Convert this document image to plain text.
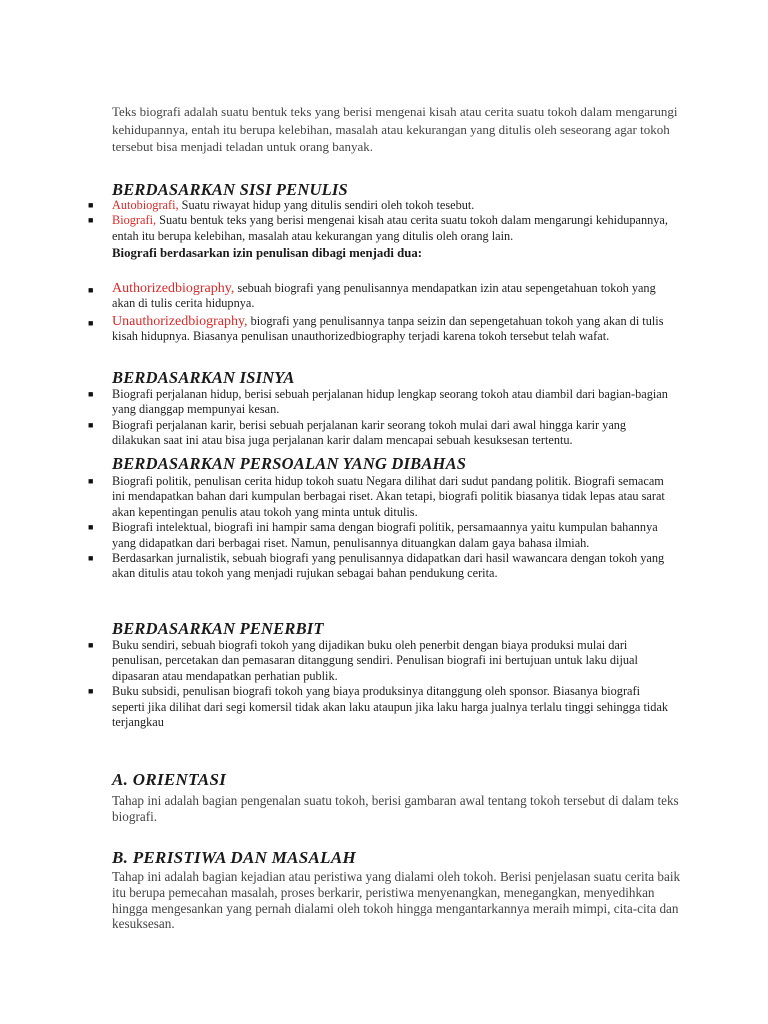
Teks biografi adalah suatu bentuk teks yang berisi mengenai kisah atau cerita suatu tokoh dalam mengarungi kehidupannya, entah itu berupa kelebihan, masalah atau kekurangan yang ditulis oleh seseorang agar tokoh tersebut bisa menjadi teladan untuk orang banyak.
BERDASARKAN SISI PENULIS
■ Autobiografi, Suatu riwayat hidup yang ditulis sendiri oleh tokoh tesebut.
■ Biografi, Suatu bentuk teks yang berisi mengenai kisah atau cerita suatu tokoh dalam mengarungi kehidupannya, entah itu berupa kelebihan, masalah atau kekurangan yang ditulis oleh orang lain.
Biografi berdasarkan izin penulisan dibagi menjadi dua:
■ Authorizedbiography, sebuah biografi yang penulisannya mendapatkan izin atau sepengetahuan tokoh yang akan di tulis cerita hidupnya.
■ Unauthorizedbiography, biografi yang penulisannya tanpa seizin dan sepengetahuan tokoh yang akan di tulis kisah hidupnya. Biasanya penulisan unauthorizedbiography terjadi karena tokoh tersebut telah wafat.
BERDASARKAN ISINYA
■ Biografi perjalanan hidup, berisi sebuah perjalanan hidup lengkap seorang tokoh atau diambil dari bagian-bagian yang dianggap mempunyai kesan.
■ Biografi perjalanan karir, berisi sebuah perjalanan karir seorang tokoh mulai dari awal hingga karir yang dilakukan saat ini atau bisa juga perjalanan karir dalam mencapai sebuah kesuksesan tertentu.
BERDASARKAN PERSOALAN YANG DIBAHAS
■ Biografi politik, penulisan cerita hidup tokoh suatu Negara dilihat dari sudut pandang politik. Biografi semacam ini mendapatkan bahan dari kumpulan berbagai riset. Akan tetapi, biografi politik biasanya tidak lepas atau sarat akan kepentingan penulis atau tokoh yang minta untuk ditulis.
■ Biografi intelektual, biografi ini hampir sama dengan biografi politik, persamaannya yaitu kumpulan bahannya yang didapatkan dari berbagai riset. Namun, penulisannya dituangkan dalam gaya bahasa ilmiah.
■ Berdasarkan jurnalistik, sebuah biografi yang penulisannya didapatkan dari hasil wawancara dengan tokoh yang akan ditulis atau tokoh yang menjadi rujukan sebagai bahan pendukung cerita.
BERDASARKAN PENERBIT
■ Buku sendiri, sebuah biografi tokoh yang dijadikan buku oleh penerbit dengan biaya produksi mulai dari penulisan, percetakan dan pemasaran ditanggung sendiri. Penulisan biografi ini bertujuan untuk laku dijual dipasaran atau mendapatkan perhatian publik.
■ Buku subsidi, penulisan biografi tokoh yang biaya produksinya ditanggung oleh sponsor. Biasanya biografi seperti jika dilihat dari segi komersil tidak akan laku ataupun jika laku harga jualnya terlalu tinggi sehingga tidak terjangkau
A. ORIENTASI
Tahap ini adalah bagian pengenalan suatu tokoh, berisi gambaran awal tentang tokoh tersebut di dalam teks biografi.
B. PERISTIWA DAN MASALAH
Tahap ini adalah bagian kejadian atau peristiwa yang dialami oleh tokoh. Berisi penjelasan suatu cerita baik itu berupa pemecahan masalah, proses berkarir, peristiwa menyenangkan, menegangkan, menyedihkan hingga mengesankan yang pernah dialami oleh tokoh hingga mengantarkannya meraih mimpi, cita-cita dan kesuksesan.
